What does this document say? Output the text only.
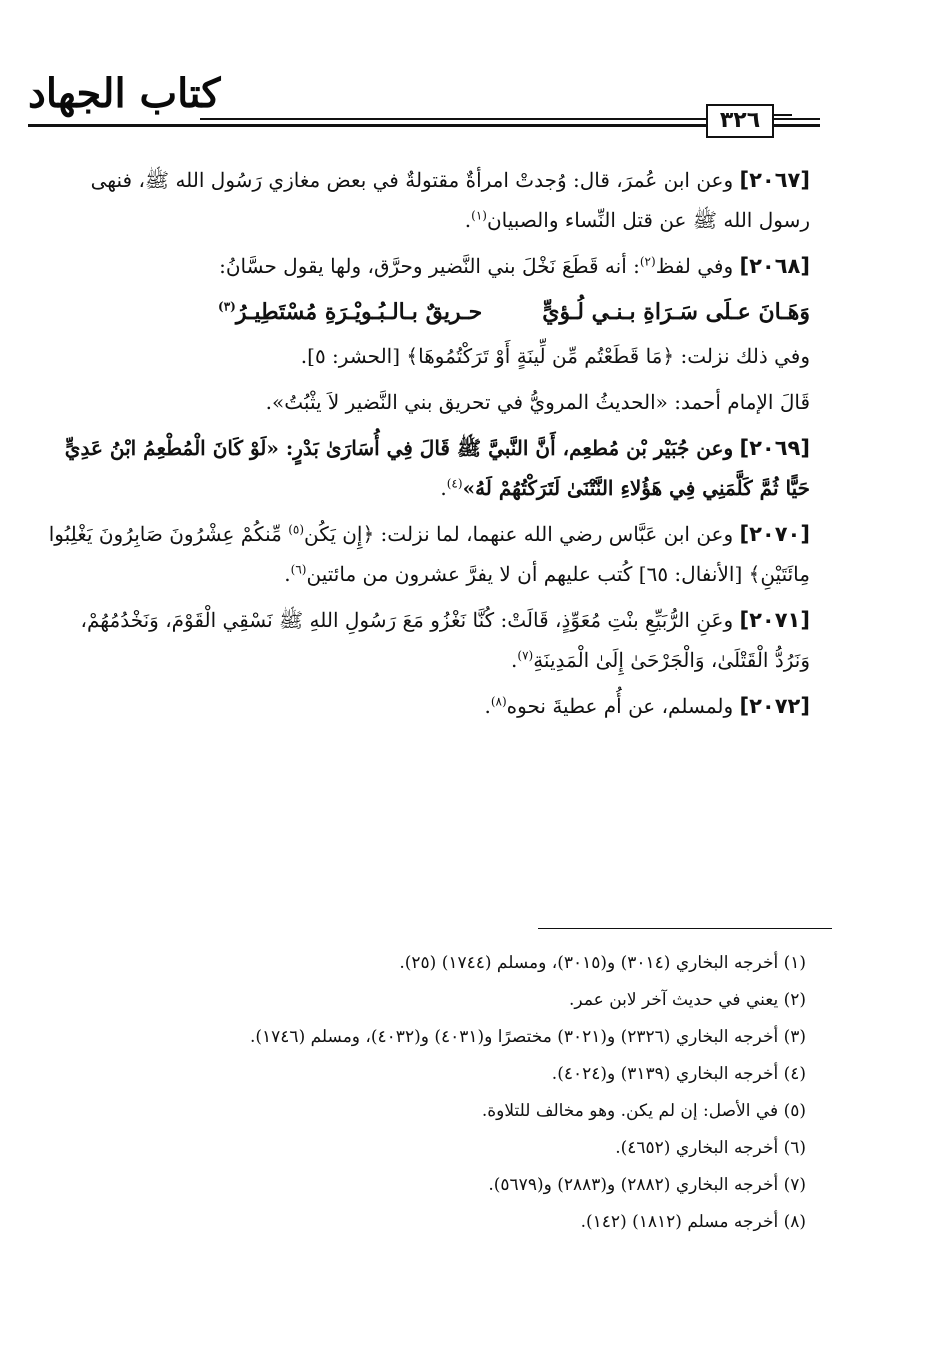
كتاب الجهاد
٣٢٦

[٢٠٦٧] وعن ابن عُمرَ، قال: وُجدتْ امرأةٌ مقتولةٌ في بعض مغازي رَسُول الله ﷺ، فنهى رسول الله ﷺ عن قتل النِّساء والصبيان$^{(١)}$.

[٢٠٦٨] وفي لفظ$^{(٢)}$: أنه قَطَعَ نَخْلَ بني النَّضير وحرَّق، ولها يقول حسَّانُ:

وَهَـانَ عـلَى سَـرَاةِ بـنـي لُـؤيٍّ
حـريقٌ بـالـبُـويْـرَةِ مُسْتَطِيـرُ$^{(٣)}$

وفي ذلك نزلت: ﴿مَا قَطَعْتُم مِّن لِّينَةٍ أَوْ تَرَكْتُمُوهَا﴾ [الحشر: ٥].

قَالَ الإمام أحمد: «الحديثُ المرويُّ في تحريق بني النَّضير لاَ يثْبُتُ».

[٢٠٦٩] وعن جُبَيْر بْن مُطعِم، أَنَّ النَّبيَّ ﷺ قَالَ فِي أُسَارَىٰ بَدْرٍ: «لَوْ كَانَ الْمُطْعِمُ ابْنُ عَدِيٍّ حَيًّا ثُمَّ كَلَّمَنِي فِي هَؤُلاءِ النَّتْنَىٰ لَتَرَكْتُهُمْ لَهُ»$^{(٤)}$.

[٢٠٧٠] وعن ابن عَبَّاس رضي الله عنهما، لما نزلت: ﴿إِن يَكُن$^{(٥)}$ مِّنكُمْ عِشْرُونَ صَابِرُونَ يَغْلِبُوا مِائَتَيْنِ﴾ [الأنفال: ٦٥] كُتب عليهم أن لا يفرَّ عشرون من مائتين$^{(٦)}$.

[٢٠٧١] وعَنِ الرُّبَيِّعِ بنْتِ مُعَوِّذٍ، قَالَتْ: كُنَّا نَغْزُو مَعَ رَسُولِ اللهِ ﷺ نَسْقِي الْقَوْمَ، وَنَخْدُمُهُمْ، وَنَرُدُّ الْقَتْلَىٰ، وَالْجَرْحَىٰ إِلَىٰ الْمَدِينَةِ$^{(٧)}$.

[٢٠٧٢] ولمسلم، عن أُم عطيةَ نحوه$^{(٨)}$.

(١) أخرجه البخاري (٣٠١٤) و(٣٠١٥)، ومسلم (١٧٤٤) (٢٥).

(٢) يعني في حديث آخر لابن عمر.

(٣) أخرجه البخاري (٢٣٢٦) و(٣٠٢١) مختصرًا و(٤٠٣١) و(٤٠٣٢)، ومسلم (١٧٤٦).

(٤) أخرجه البخاري (٣١٣٩) و(٤٠٢٤).

(٥) في الأصل: إن لم يكن. وهو مخالف للتلاوة.

(٦) أخرجه البخاري (٤٦٥٢).

(٧) أخرجه البخاري (٢٨٨٢) و(٢٨٨٣) و(٥٦٧٩).

(٨) أخرجه مسلم (١٨١٢) (١٤٢).
